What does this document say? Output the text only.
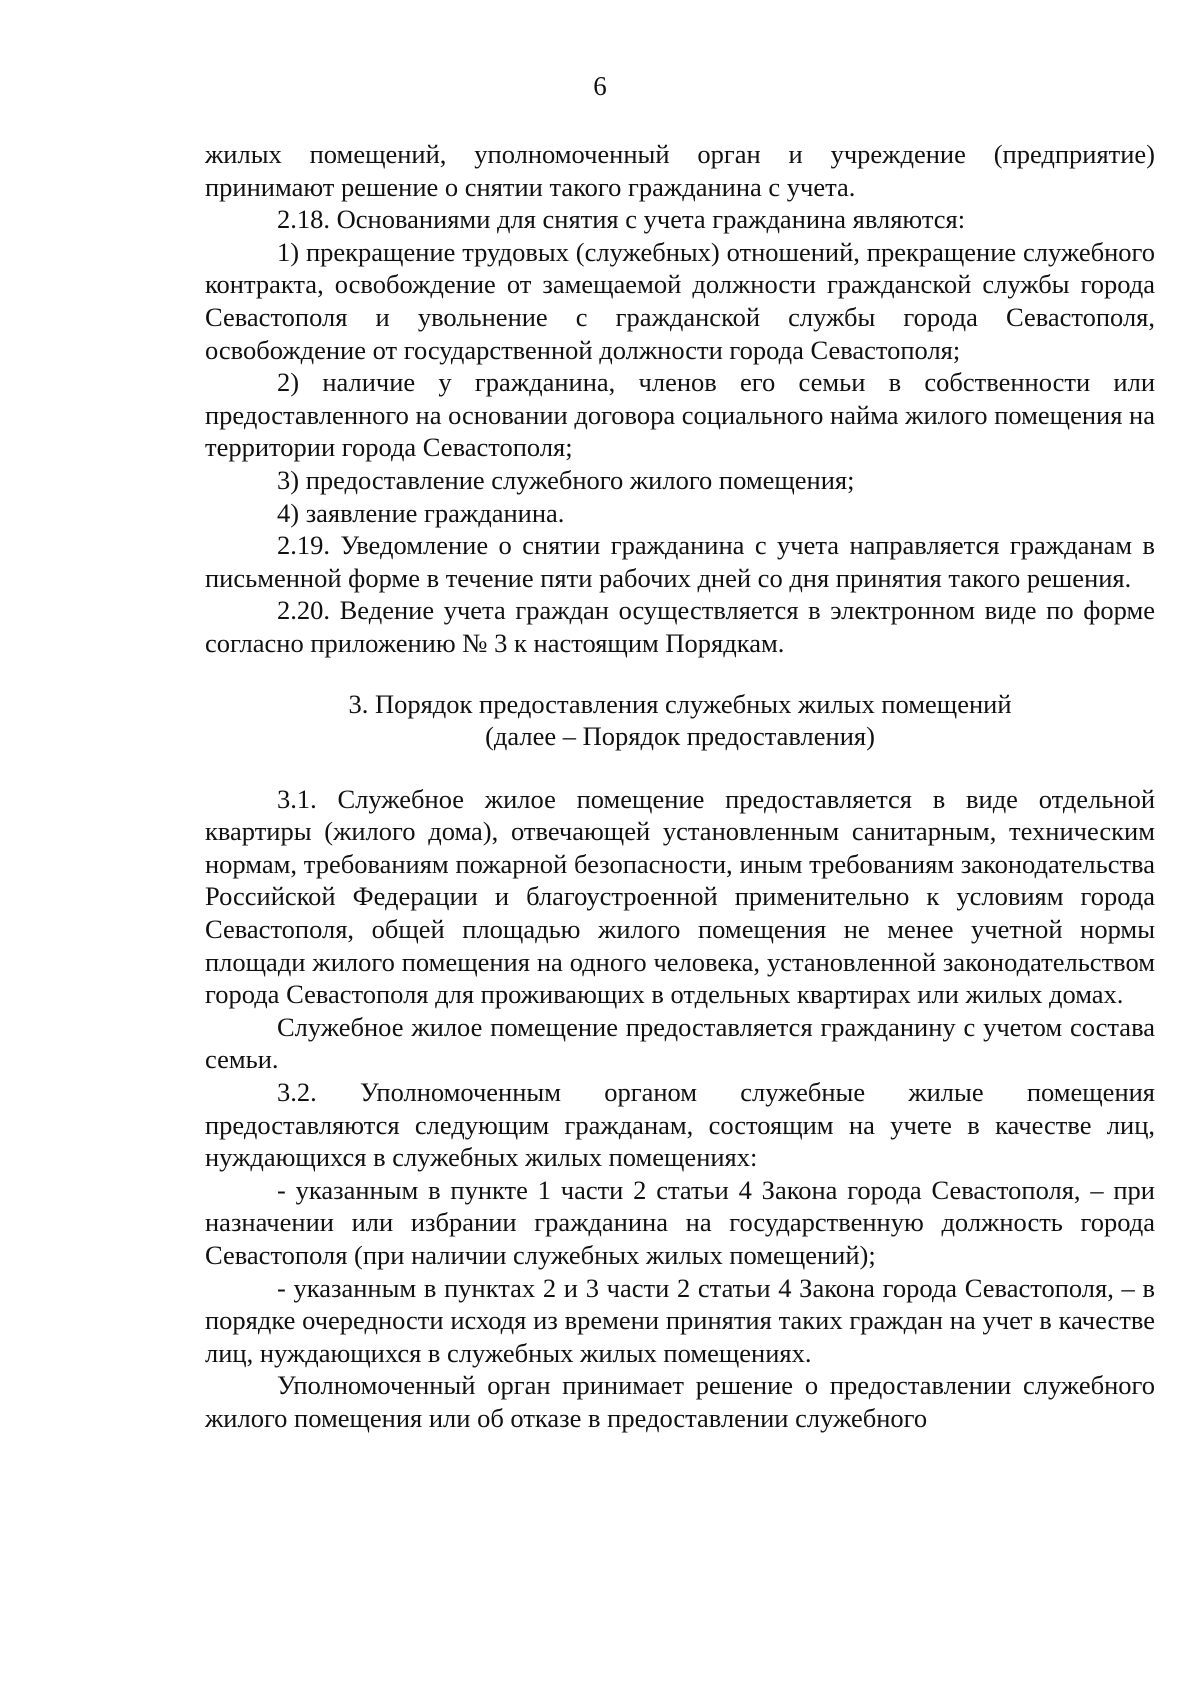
6

жилых помещений, уполномоченный орган и учреждение (предприятие) принимают решение о снятии такого гражданина с учета.

2.18. Основаниями для снятия с учета гражданина являются:

1) прекращение трудовых (служебных) отношений, прекращение служебного контракта, освобождение от замещаемой должности гражданской службы города Севастополя и увольнение с гражданской службы города Севастополя, освобождение от государственной должности города Севастополя;

2) наличие у гражданина, членов его семьи в собственности или предоставленного на основании договора социального найма жилого помещения на территории города Севастополя;

3) предоставление служебного жилого помещения;

4) заявление гражданина.

2.19. Уведомление о снятии гражданина с учета направляется гражданам в письменной форме в течение пяти рабочих дней со дня принятия такого решения.

2.20. Ведение учета граждан осуществляется в электронном виде по форме согласно приложению № 3 к настоящим Порядкам.

3. Порядок предоставления служебных жилых помещений
(далее – Порядок предоставления)

3.1. Служебное жилое помещение предоставляется в виде отдельной квартиры (жилого дома), отвечающей установленным санитарным, техническим нормам, требованиям пожарной безопасности, иным требованиям законодательства Российской Федерации и благоустроенной применительно к условиям города Севастополя, общей площадью жилого помещения не менее учетной нормы площади жилого помещения на одного человека, установленной законодательством города Севастополя для проживающих в отдельных квартирах или жилых домах.

Служебное жилое помещение предоставляется гражданину с учетом состава семьи.

3.2. Уполномоченным органом служебные жилые помещения предоставляются следующим гражданам, состоящим на учете в качестве лиц, нуждающихся в служебных жилых помещениях:

- указанным в пункте 1 части 2 статьи 4 Закона города Севастополя, – при назначении или избрании гражданина на государственную должность города Севастополя (при наличии служебных жилых помещений);

- указанным в пунктах 2 и 3 части 2 статьи 4 Закона города Севастополя, – в порядке очередности исходя из времени принятия таких граждан на учет в качестве лиц, нуждающихся в служебных жилых помещениях.

Уполномоченный орган принимает решение о предоставлении служебного жилого помещения или об отказе в предоставлении служебного
